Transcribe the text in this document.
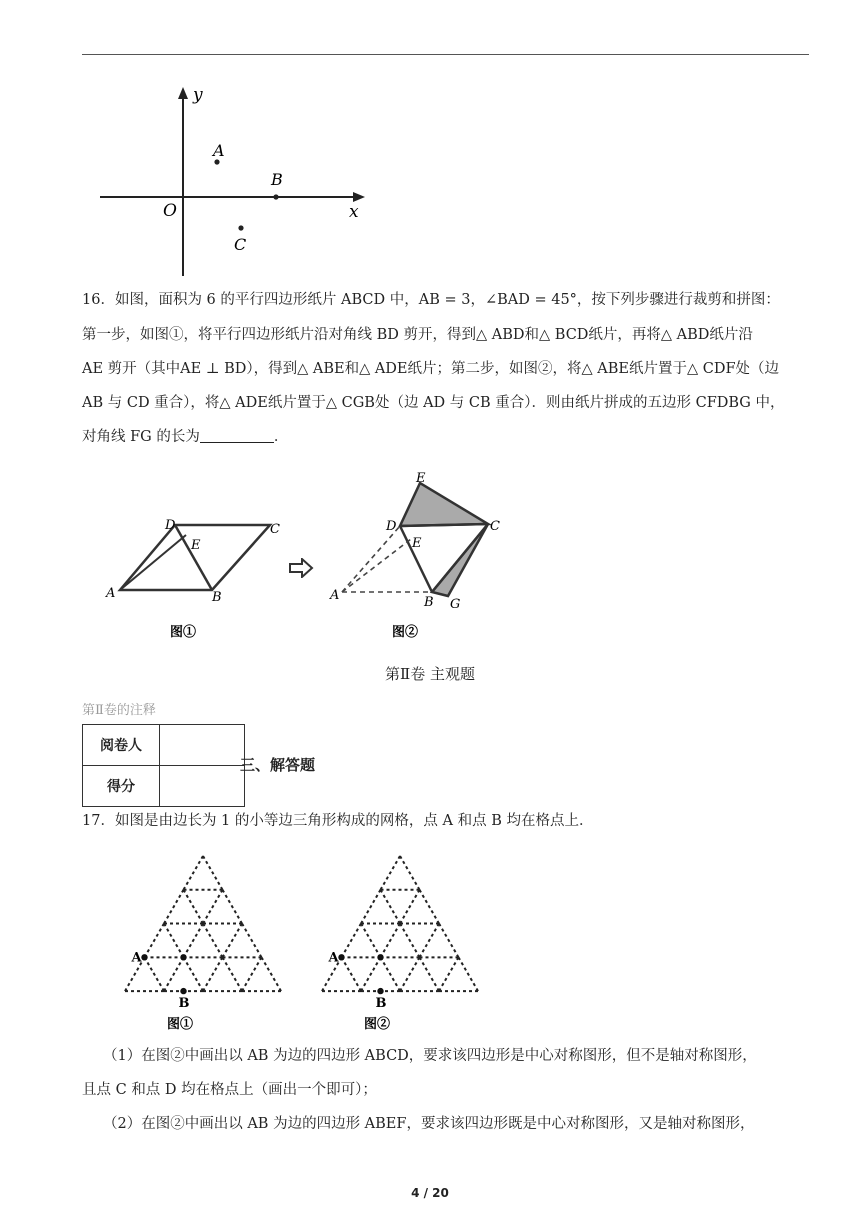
y
x
O
A
B
C

16．如图，面积为 6 的平行四边形纸片 ABCD 中，AB = 3，∠BAD = 45°，按下列步骤进行裁剪和拼图：

第一步，如图①，将平行四边形纸片沿对角线 BD 剪开，得到△ ABD和△ BCD纸片，再将△ ABD纸片沿

AE 剪开（其中AE ⊥ BD），得到△ ABE和△ ADE纸片；第二步，如图②，将△ ABE纸片置于△ CDF处（边

AB 与 CD 重合），将△ ADE纸片置于△ CGB处（边 AD 与 CB 重合）．则由纸片拼成的五边形 CFDBG 中，

对角线 FG 的长为	．

D	C
E
A	B
图①
E
D	C
E
A	B G
图②
第Ⅱ卷 主观题
第Ⅱ卷的注释
阅卷人	
得分	
三、解答题

17．如图是由边长为 1 的小等边三角形构成的网格，点 A 和点 B 均在格点上．

A
B
图①
A
B
图②

（1）在图②中画出以 AB 为边的四边形 ABCD，要求该四边形是中心对称图形，但不是轴对称图形，

且点 C 和点 D 均在格点上（画出一个即可）；

（2）在图②中画出以 AB 为边的四边形 ABEF，要求该四边形既是中心对称图形，又是轴对称图形，

4 / 20
